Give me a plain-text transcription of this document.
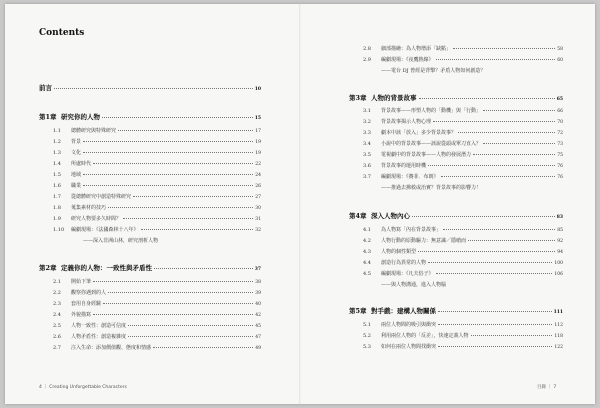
Contents
前言	10
第1章 研究你的人物	15
1.1	總體研究與特殊研究	17
1.2	背景	19
1.3	文化	19
1.4	所處時代	22
1.5	地域	24
1.6	職業	26
1.7	從總體研究中創造特殊研究	27
1.8	蒐集素材的技巧	30
1.9	研究人物要多久時間？	31
1.10	編劇現場：《法國森林十八年》	32
——深入非洲山林，研究剖析人物
第2章 定義你的人物：一致性與矛盾性	37
2.1	開始下筆	38
2.2	觀察你遇到的人	39
2.3	套用自身經驗	40
2.4	外貌描寫	42
2.5	人物一致性：創造可信度	45
2.6	人物矛盾性：創造複雜度	47
2.7	注入生命：添加價值觀、態度和情感	49
4 ｜ Creating Unforgettable Characters
2.8	細部描繪：為人物增添「缺點」	58
2.9	編劇現場：《夜鷹熱線》	60
——電台 DJ 曾經是背擊？矛盾人物如何創造？
第3章 人物的背景故事	65
3.1	背景故事——形塑人物的「動機」與「行動」	66
3.2	背景故事揭示人物心理	70
3.3	劇本中該「放入」多少背景故事？	72
3.4	小說中的背景故事——該說從頭或單刀直入？	73
3.5	電視劇中的背景故事——人物的發展潛力	75
3.6	背景故事的運用時機	76
3.7	編劇現場：《賽菲．布朗》	76
——推過去拂救或治實？背景故事的影響力！
第4章 深入人物內心	83
4.1	為人物寫「內在背景故事」	85
4.2	人物行動的原動驅力：無意識／隱嗆而	92
4.3	人物的個性類型	94
4.4	創造行為異常的人物	100
4.5	編劇現場：《凡夫俗子》	106
——與人物溝通，進入人物腦
第5章 對手戲：建構人物關係	111
5.1	兩位人物間的吸引與衝突	112
5.2	利用兩位人物的「反差」，快速定義人物	118
5.3	如何在兩位人物間找衝突	122
目錄 ｜ 7
